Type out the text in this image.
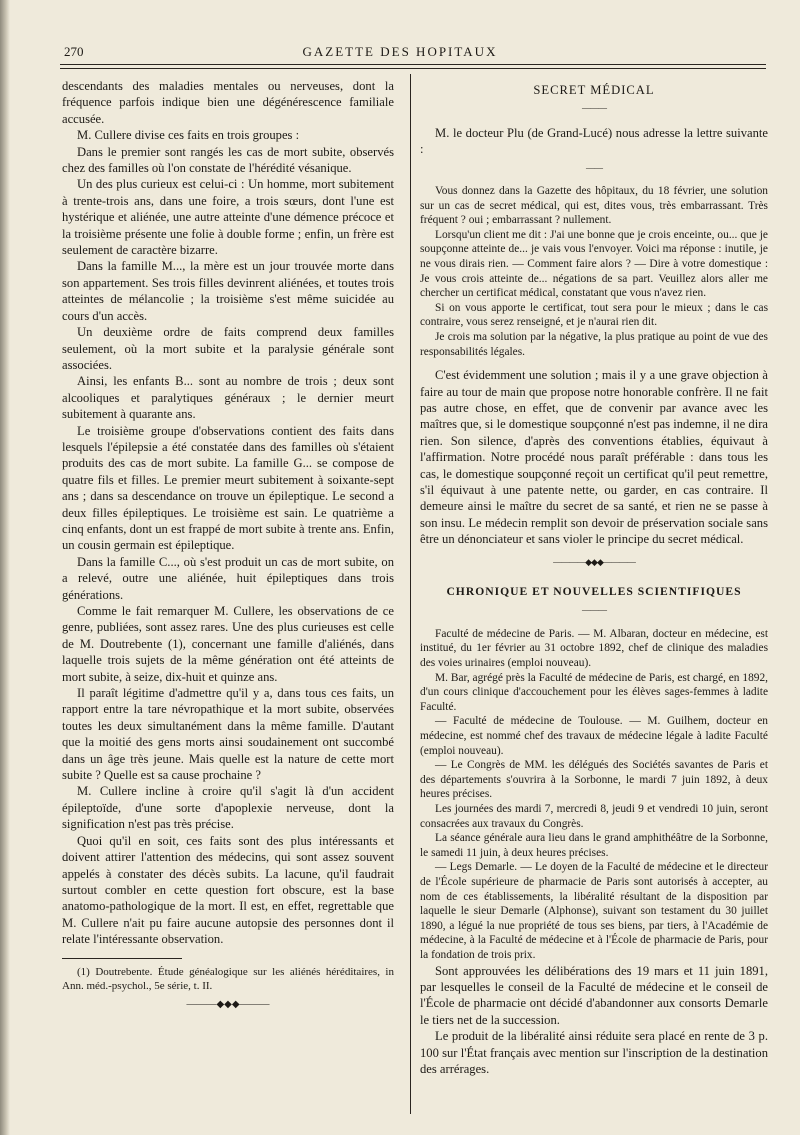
270	GAZETTE DES HOPITAUX

descendants des maladies mentales ou nerveuses, dont la fréquence parfois indique bien une dégénérescence familiale accusée.

M. Cullere divise ces faits en trois groupes :

Dans le premier sont rangés les cas de mort subite, observés chez des familles où l'on constate de l'hérédité vésanique.

Un des plus curieux est celui-ci : Un homme, mort subitement à trente-trois ans, dans une foire, a trois sœurs, dont l'une est hystérique et aliénée, une autre atteinte d'une démence précoce et la troisième présente une folie à double forme ; enfin, un frère est seulement de caractère bizarre.

Dans la famille M..., la mère est un jour trouvée morte dans son appartement. Ses trois filles devinrent aliénées, et toutes trois atteintes de mélancolie ; la troisième s'est même suicidée au cours d'un accès.

Un deuxième ordre de faits comprend deux familles seulement, où la mort subite et la paralysie générale sont associées.

Ainsi, les enfants B... sont au nombre de trois ; deux sont alcooliques et paralytiques généraux ; le dernier meurt subitement à quarante ans.

Le troisième groupe d'observations contient des faits dans lesquels l'épilepsie a été constatée dans des familles où s'étaient produits des cas de mort subite. La famille G... se compose de quatre fils et filles. Le premier meurt subitement à soixante-sept ans ; dans sa descendance on trouve un épileptique. Le second a deux filles épileptiques. Le troisième est sain. Le quatrième a cinq enfants, dont un est frappé de mort subite à trente ans. Enfin, un cousin germain est épileptique.

Dans la famille C..., où s'est produit un cas de mort subite, on a relevé, outre une aliénée, huit épileptiques dans trois générations.

Comme le fait remarquer M. Cullere, les observations de ce genre, publiées, sont assez rares. Une des plus curieuses est celle de M. Doutrebente (1), concernant une famille d'aliénés, dans laquelle trois sujets de la même génération ont été atteints de mort subite, à seize, dix-huit et quinze ans.

Il paraît légitime d'admettre qu'il y a, dans tous ces faits, un rapport entre la tare névropathique et la mort subite, observées toutes les deux simultanément dans la même famille. D'autant que la moitié des gens morts ainsi soudainement ont succombé dans un âge très jeune. Mais quelle est la nature de cette mort subite ? Quelle est sa cause prochaine ?

M. Cullere incline à croire qu'il s'agit là d'un accident épileptoïde, d'une sorte d'apoplexie nerveuse, dont la signification n'est pas très précise.

Quoi qu'il en soit, ces faits sont des plus intéressants et doivent attirer l'attention des médecins, qui sont assez souvent appelés à constater des décès subits. La lacune, qu'il faudrait surtout combler en cette question fort obscure, est la base anatomo-pathologique de la mort. Il est, en effet, regrettable que M. Cullere n'ait pu faire aucune autopsie des personnes dont il relate l'intéressante observation.

(1) Doutrebente. Étude généalogique sur les aliénés héréditaires, in Ann. méd.-psychol., 5e série, t. II.

———◆◆◆———
SECRET MÉDICAL
———

M. le docteur Plu (de Grand-Lucé) nous adresse la lettre suivante :

——

Vous donnez dans la Gazette des hôpitaux, du 18 février, une solution sur un cas de secret médical, qui est, dites vous, très embarrassant. Très fréquent ? oui ; embarrassant ? nullement.

Lorsqu'un client me dit : J'ai une bonne que je crois enceinte, ou... que je soupçonne atteinte de... je vais vous l'envoyer. Voici ma réponse : inutile, je ne vous dirais rien. — Comment faire alors ? — Dire à votre domestique : Je vous crois atteinte de... négations de sa part. Veuillez alors aller me chercher un certificat médical, constatant que vous n'avez rien.

Si on vous apporte le certificat, tout sera pour le mieux ; dans le cas contraire, vous serez renseigné, et je n'aurai rien dit.

Je crois ma solution par la négative, la plus pratique au point de vue des responsabilités légales.

C'est évidemment une solution ; mais il y a une grave objection à faire au tour de main que propose notre honorable confrère. Il ne fait pas autre chose, en effet, que de convenir par avance avec les maîtres que, si le domestique soupçonné n'est pas indemne, il ne dira rien. Son silence, d'après des conventions établies, équivaut à l'affirmation. Notre procédé nous paraît préférable : dans tous les cas, le domestique soupçonné reçoit un certificat qu'il peut remettre, s'il équivaut à une patente nette, ou garder, en cas contraire. Il demeure ainsi le maître du secret de sa santé, et rien ne se passe à son insu. Le médecin remplit son devoir de préservation sociale sans être un dénonciateur et sans violer le principe du secret médical.

————◆◆◆————
CHRONIQUE ET NOUVELLES SCIENTIFIQUES
———

Faculté de médecine de Paris. — M. Albaran, docteur en médecine, est institué, du 1er février au 31 octobre 1892, chef de clinique des maladies des voies urinaires (emploi nouveau).

M. Bar, agrégé près la Faculté de médecine de Paris, est chargé, en 1892, d'un cours clinique d'accouchement pour les élèves sages-femmes à ladite Faculté.

— Faculté de médecine de Toulouse. — M. Guilhem, docteur en médecine, est nommé chef des travaux de médecine légale à ladite Faculté (emploi nouveau).

— Le Congrès de MM. les délégués des Sociétés savantes de Paris et des départements s'ouvrira à la Sorbonne, le mardi 7 juin 1892, à deux heures précises.

Les journées des mardi 7, mercredi 8, jeudi 9 et vendredi 10 juin, seront consacrées aux travaux du Congrès.

La séance générale aura lieu dans le grand amphithéâtre de la Sorbonne, le samedi 11 juin, à deux heures précises.

— Legs Demarle. — Le doyen de la Faculté de médecine et le directeur de l'École supérieure de pharmacie de Paris sont autorisés à accepter, au nom de ces établissements, la libéralité résultant de la disposition par laquelle le sieur Demarle (Alphonse), suivant son testament du 30 juillet 1890, a légué la nue propriété de tous ses biens, par tiers, à l'Académie de médecine, à la Faculté de médecine et à l'École de pharmacie de Paris, pour la fondation de trois prix.

Sont approuvées les délibérations des 19 mars et 11 juin 1891, par lesquelles le conseil de la Faculté de médecine et le conseil de l'École de pharmacie ont décidé d'abandonner aux consorts Demarle le tiers net de la succession.

Le produit de la libéralité ainsi réduite sera placé en rente de 3 p. 100 sur l'État français avec mention sur l'inscription de la destination des arrérages.
